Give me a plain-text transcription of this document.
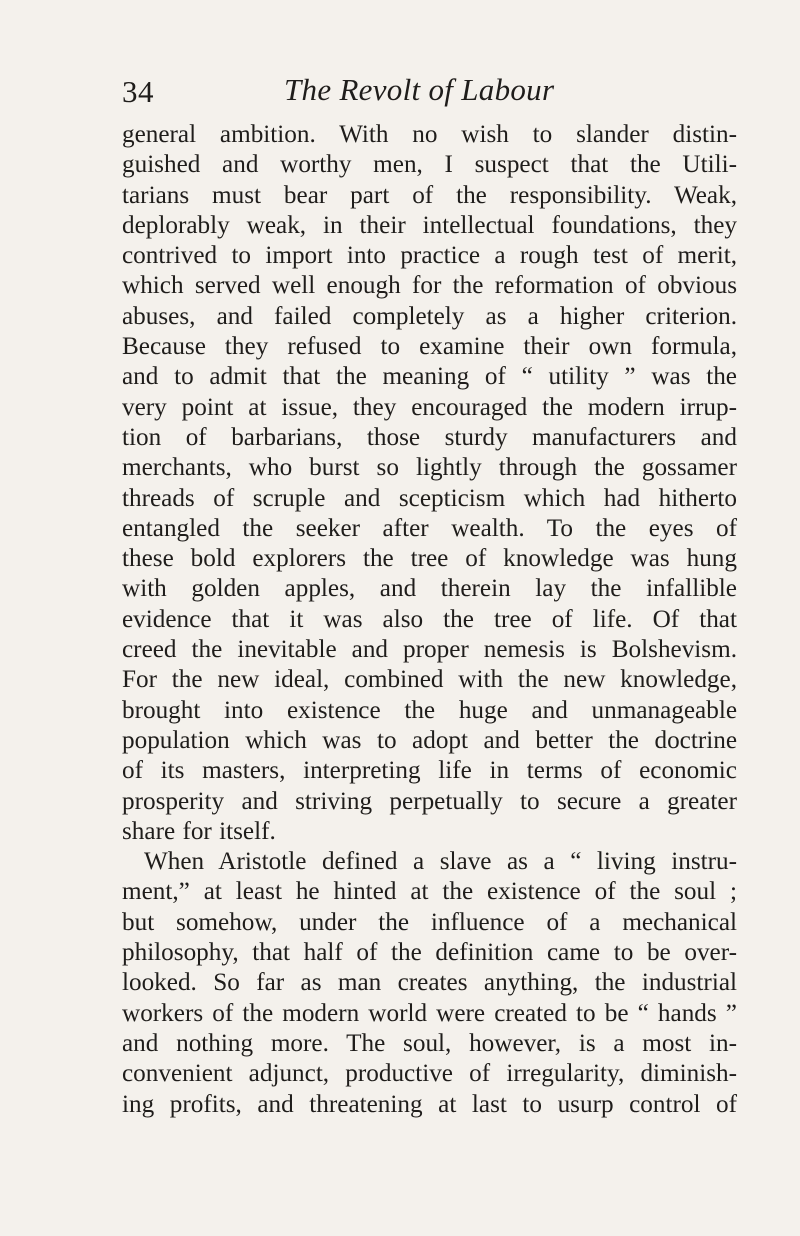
34	The Revolt of Labour
general ambition. With no wish to slander distin-
guished and worthy men, I suspect that the Utili-
tarians must bear part of the responsibility. Weak,
deplorably weak, in their intellectual foundations, they
contrived to import into practice a rough test of merit,
which served well enough for the reformation of obvious
abuses, and failed completely as a higher criterion.
Because they refused to examine their own formula,
and to admit that the meaning of “ utility ” was the
very point at issue, they encouraged the modern irrup-
tion of barbarians, those sturdy manufacturers and
merchants, who burst so lightly through the gossamer
threads of scruple and scepticism which had hitherto
entangled the seeker after wealth. To the eyes of
these bold explorers the tree of knowledge was hung
with golden apples, and therein lay the infallible
evidence that it was also the tree of life. Of that
creed the inevitable and proper nemesis is Bolshevism.
For the new ideal, combined with the new knowledge,
brought into existence the huge and unmanageable
population which was to adopt and better the doctrine
of its masters, interpreting life in terms of economic
prosperity and striving perpetually to secure a greater
share for itself.
When Aristotle defined a slave as a “ living instru-
ment,” at least he hinted at the existence of the soul ;
but somehow, under the influence of a mechanical
philosophy, that half of the definition came to be over-
looked. So far as man creates anything, the industrial
workers of the modern world were created to be “ hands ”
and nothing more. The soul, however, is a most in-
convenient adjunct, productive of irregularity, diminish-
ing profits, and threatening at last to usurp control of
